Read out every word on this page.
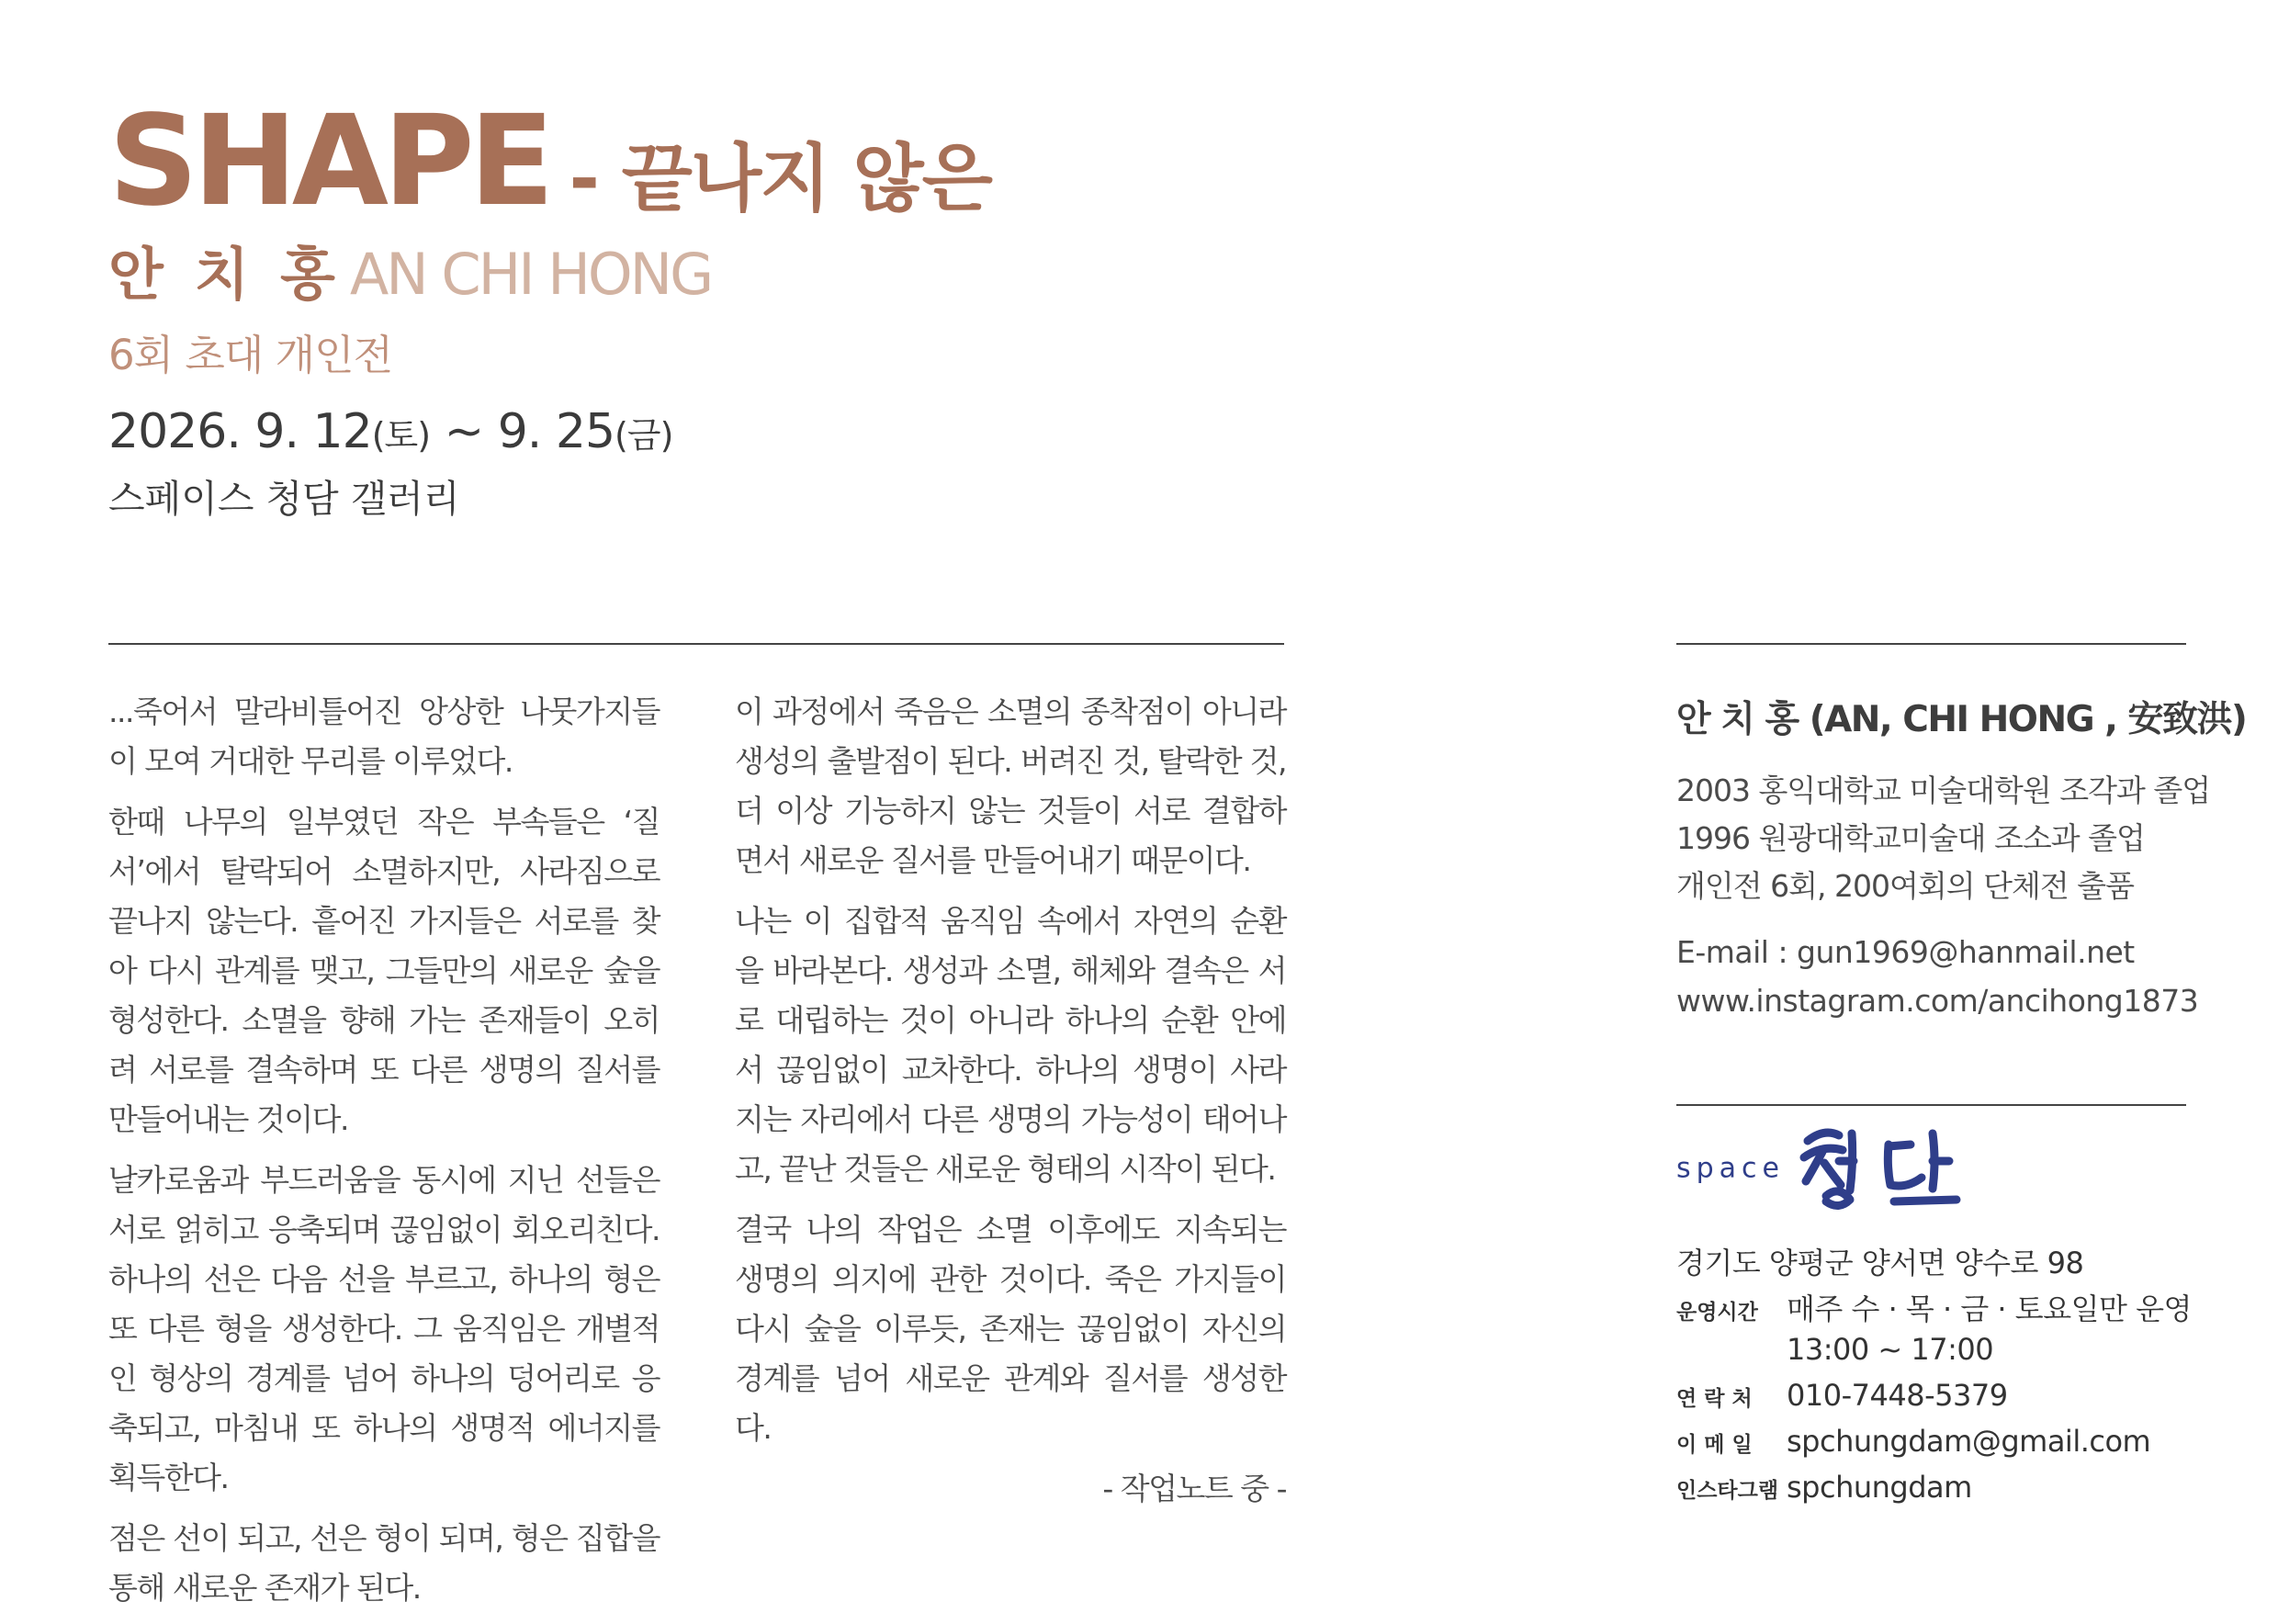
SHAPE - 끝나지 않은
안 치 홍 AN CHI HONG
6회 초대 개인전
2026. 9. 12(토) ~ 9. 25(금)
스페이스 청담 갤러리

...죽어서 말라비틀어진 앙상한 나뭇가지들이 모여 거대한 무리를 이루었다.

한때 나무의 일부였던 작은 부속들은 ‘질서’에서 탈락되어 소멸하지만, 사라짐으로 끝나지 않는다. 흩어진 가지들은 서로를 찾아 다시 관계를 맺고, 그들만의 새로운 숲을 형성한다. 소멸을 향해 가는 존재들이 오히려 서로를 결속하며 또 다른 생명의 질서를 만들어내는 것이다.

날카로움과 부드러움을 동시에 지닌 선들은 서로 얽히고 응축되며 끊임없이 회오리친다. 하나의 선은 다음 선을 부르고, 하나의 형은 또 다른 형을 생성한다. 그 움직임은 개별적인 형상의 경계를 넘어 하나의 덩어리로 응축되고, 마침내 또 하나의 생명적 에너지를 획득한다.

점은 선이 되고, 선은 형이 되며, 형은 집합을 통해 새로운 존재가 된다.

이 과정에서 죽음은 소멸의 종착점이 아니라 생성의 출발점이 된다. 버려진 것, 탈락한 것, 더 이상 기능하지 않는 것들이 서로 결합하면서 새로운 질서를 만들어내기 때문이다.

나는 이 집합적 움직임 속에서 자연의 순환을 바라본다. 생성과 소멸, 해체와 결속은 서로 대립하는 것이 아니라 하나의 순환 안에서 끊임없이 교차한다. 하나의 생명이 사라지는 자리에서 다른 생명의 가능성이 태어나고, 끝난 것들은 새로운 형태의 시작이 된다.

결국 나의 작업은 소멸 이후에도 지속되는 생명의 의지에 관한 것이다. 죽은 가지들이 다시 숲을 이루듯, 존재는 끊임없이 자신의 경계를 넘어 새로운 관계와 질서를 생성한다.

- 작업노트 중 -

안 치 홍 (AN, CHI HONG , 安致洪)
2003 홍익대학교 미술대학원 조각과 졸업
1996 원광대학교미술대 조소과 졸업
개인전 6회, 200여회의 단체전 출품
E-mail : gun1969@hanmail.net
www.instagram.com/ancihong1873
space
경기도 양평군 양서면 양수로 98
운영시간 매주 수 · 목 · 금 · 토요일만 운영
13:00 ~ 17:00
연 락 처	010-7448-5379
이 메 일	spchungdam@gmail.com
인스타그램 spchungdam
